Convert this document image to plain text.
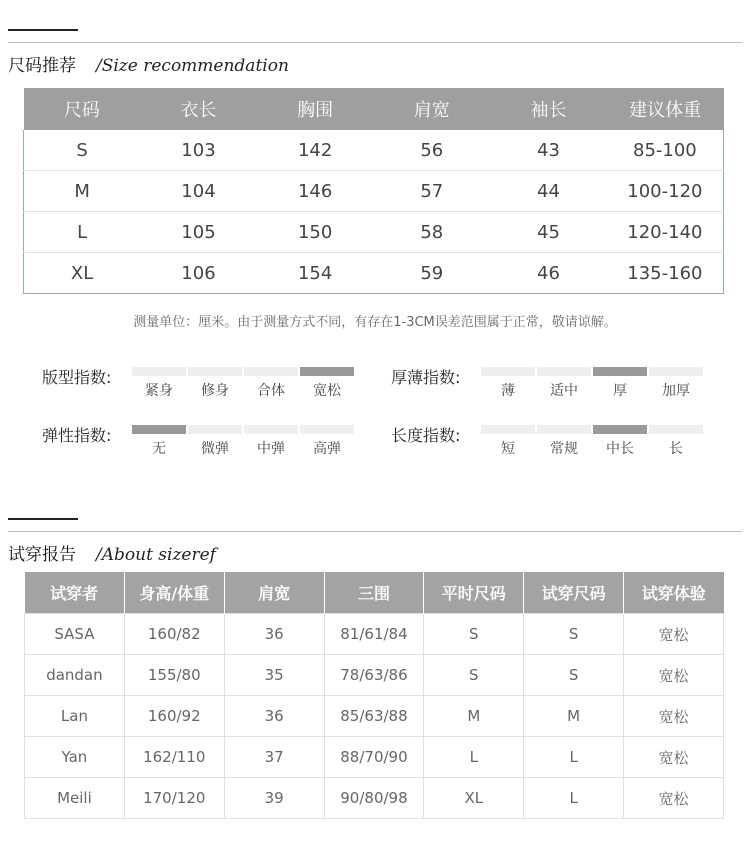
尺码推荐 /Size recommendation
尺码	衣长	胸围	肩宽	袖长	建议体重
S	103	142	56	43	85-100
M	104	146	57	44	100-120
L	105	150	58	45	120-140
XL	106	154	59	46	135-160
测量单位：厘米。由于测量方式不同，有存在1-3CM误差范围属于正常，敬请谅解。
版型指数:
紧身	修身	合体	宽松
厚薄指数:
薄	适中	厚	加厚
弹性指数:
无	微弹	中弹	高弹
长度指数:
短	常规	中长	长
试穿报告 /About sizeref
试穿者	身高/体重	肩宽	三围	平时尺码	试穿尺码	试穿体验
SASA	160/82	36	81/61/84	S	S	宽松
dandan	155/80	35	78/63/86	S	S	宽松
Lan	160/92	36	85/63/88	M	M	宽松
Yan	162/110	37	88/70/90	L	L	宽松
Meili	170/120	39	90/80/98	XL	L	宽松
